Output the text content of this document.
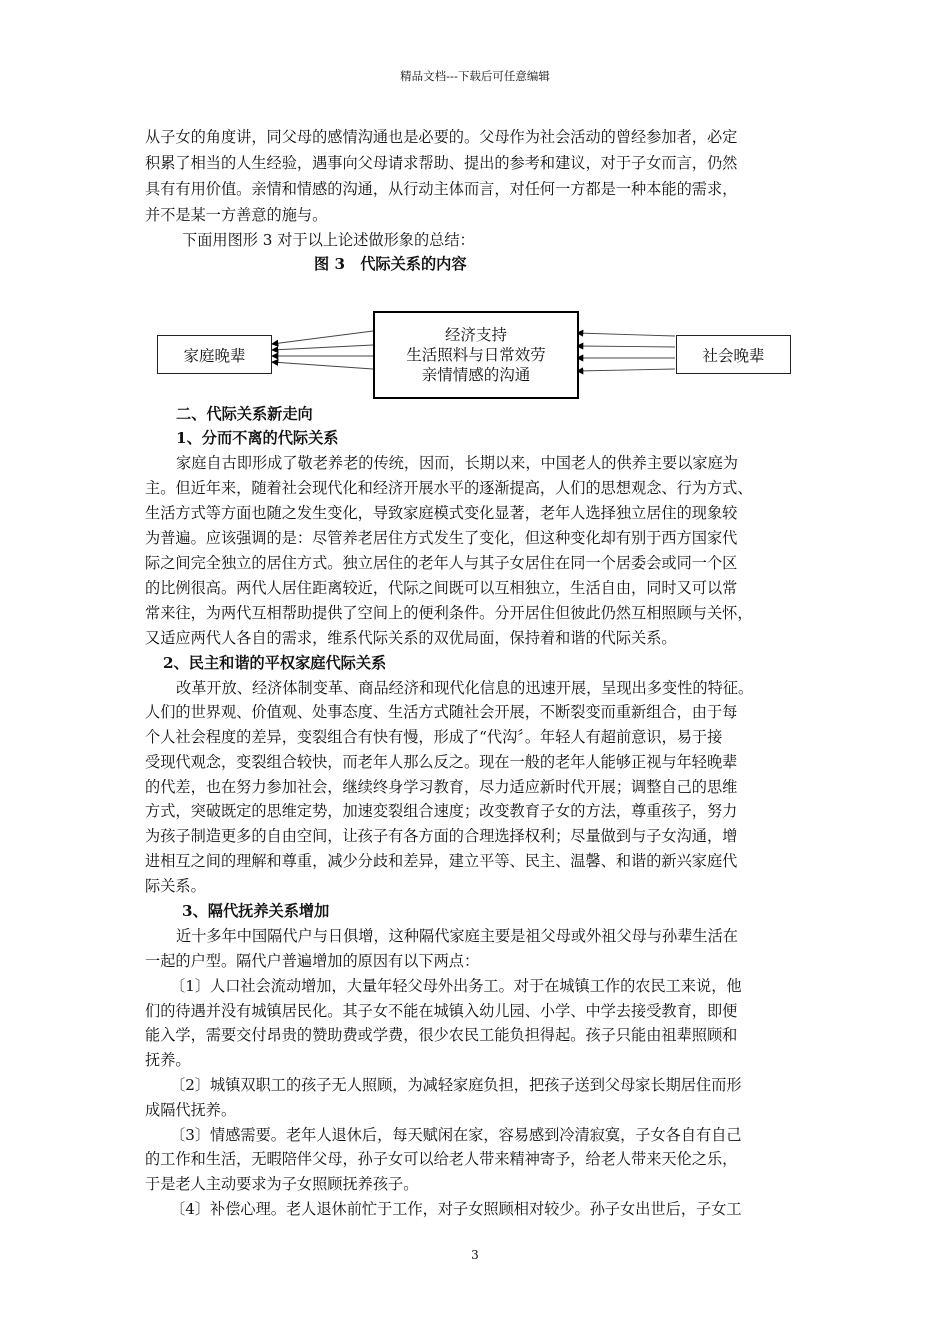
精品文档---下载后可任意编辑
从子女的角度讲，同父母的感情沟通也是必要的。父母作为社会活动的曾经参加者，必定
积累了相当的人生经验，遇事向父母请求帮助、提出的参考和建议，对于子女而言，仍然
具有有用价值。亲情和情感的沟通，从行动主体而言，对任何一方都是一种本能的需求，
并不是某一方善意的施与。
下面用图形 3 对于以上论述做形象的总结：
图 3　代际关系的内容
家庭晚辈
经济支持
生活照料与日常效劳
亲情情感的沟通
社会晚辈
二、代际关系新走向
1、分而不离的代际关系
家庭自古即形成了敬老养老的传统，因而，长期以来，中国老人的供养主要以家庭为
主。但近年来，随着社会现代化和经济开展水平的逐渐提高，人们的思想观念、行为方式、
生活方式等方面也随之发生变化，导致家庭模式变化显著，老年人选择独立居住的现象较
为普遍。应该强调的是：尽管养老居住方式发生了变化，但这种变化却有别于西方国家代
际之间完全独立的居住方式。独立居住的老年人与其子女居住在同一个居委会或同一个区
的比例很高。两代人居住距离较近，代际之间既可以互相独立，生活自由，同时又可以常
常来往，为两代互相帮助提供了空间上的便利条件。分开居住但彼此仍然互相照顾与关怀，
又适应两代人各自的需求，维系代际关系的双优局面，保持着和谐的代际关系。
2、民主和谐的平权家庭代际关系
改革开放、经济体制变革、商品经济和现代化信息的迅速开展，呈现出多变性的特征。
人们的世界观、价值观、处事态度、生活方式随社会开展，不断裂变而重新组合，由于每
个人社会程度的差异，变裂组合有快有慢，形成了“代沟〞。年轻人有超前意识，易于接
受现代观念，变裂组合较快，而老年人那么反之。现在一般的老年人能够正视与年轻晚辈
的代差，也在努力参加社会，继续终身学习教育，尽力适应新时代开展；调整自己的思维
方式，突破既定的思维定势，加速変裂组合速度；改变教育子女的方法，尊重孩子，努力
为孩子制造更多的自由空间，让孩子有各方面的合理选择权利；尽量做到与子女沟通，增
进相互之间的理解和尊重，减少分歧和差异，建立平等、民主、温馨、和谐的新兴家庭代
际关系。
3、隔代抚养关系增加
近十多年中国隔代户与日俱增，这种隔代家庭主要是祖父母或外祖父母与孙辈生活在
一起的户型。隔代户普遍增加的原因有以下两点：
〔1〕人口社会流动增加，大量年轻父母外出务工。对于在城镇工作的农民工来说，他
们的待遇并没有城镇居民化。其子女不能在城镇入幼儿园、小学、中学去接受教育，即便
能入学，需要交付昂贵的赞助费或学费，很少农民工能负担得起。孩子只能由祖辈照顾和
抚养。
〔2〕城镇双职工的孩子无人照顾，为减轻家庭负担，把孩子送到父母家长期居住而形
成隔代抚养。
〔3〕情感需要。老年人退休后，每天赋闲在家，容易感到冷清寂寞，子女各自有自己
的工作和生活，无暇陪伴父母，孙子女可以给老人带来精神寄予，给老人带来天伦之乐，
于是老人主动要求为子女照顾抚养孩子。
〔4〕补偿心理。老人退休前忙于工作，对子女照顾相对较少。孙子女出世后，子女工
3
